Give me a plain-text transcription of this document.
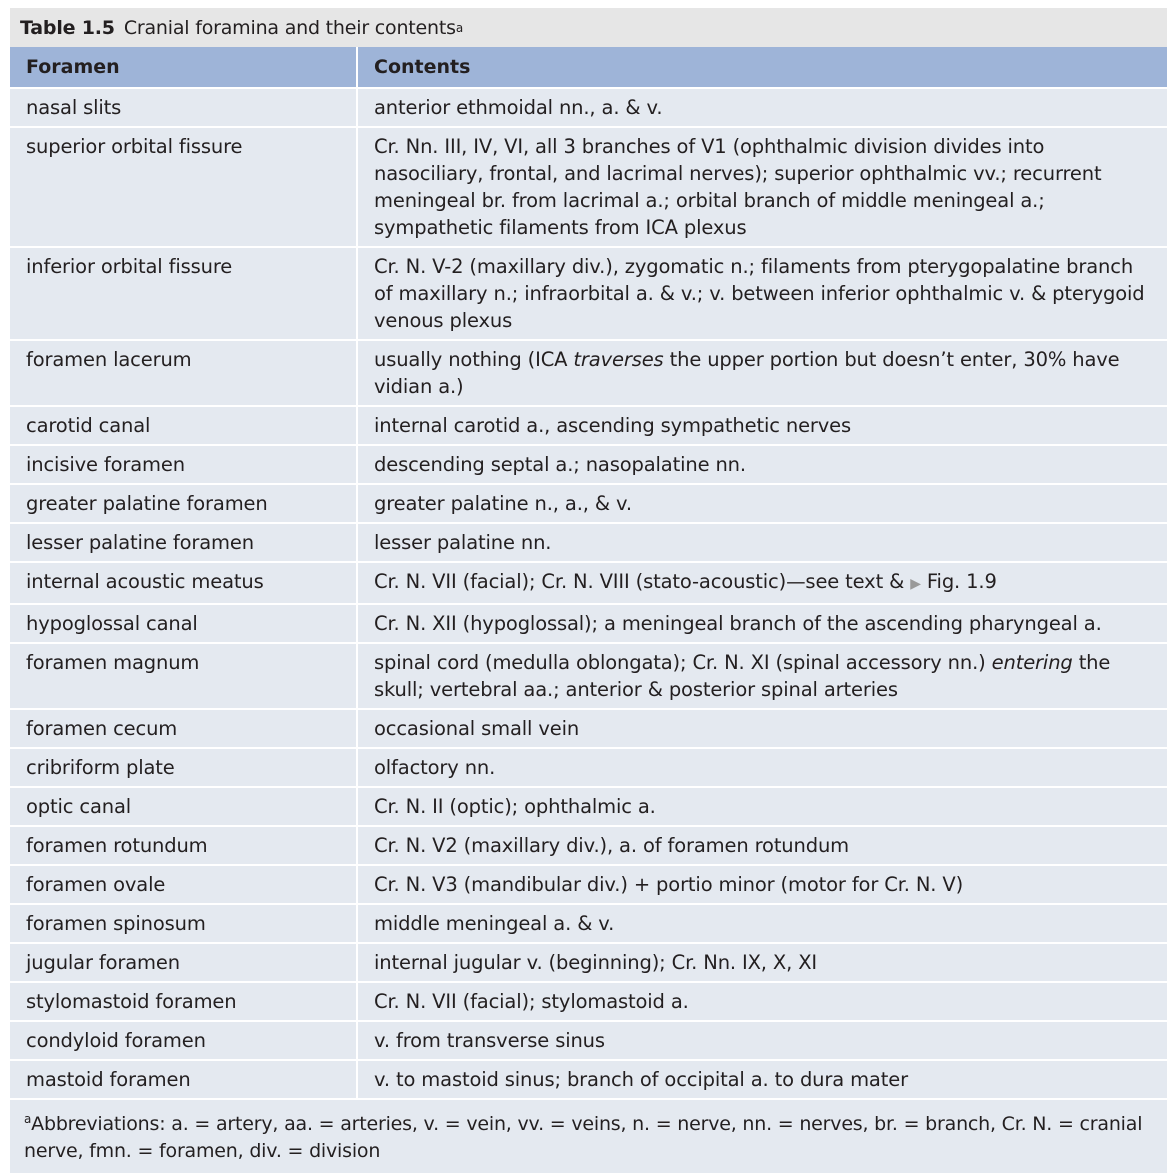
Table 1.5 Cranial foramina and their contents a
Foramen	Contents
nasal slits	anterior ethmoidal nn., a. & v.
superior orbital fissure	Cr. Nn. III, IV, VI, all 3 branches of V1 (ophthalmic division divides into nasociliary, frontal, and lacrimal nerves); superior ophthalmic vv.; recurrent meningeal br. from lacrimal a.; orbital branch of middle meningeal a.; sympathetic filaments from ICA plexus
inferior orbital fissure	Cr. N. V-2 (maxillary div.), zygomatic n.; filaments from pterygopalatine branch of maxillary n.; infraorbital a. & v.; v. between inferior ophthalmic v. & pterygoid venous plexus
foramen lacerum	usually nothing (ICA traverses the upper portion but doesn’t enter, 30% have vidian a.)
carotid canal	internal carotid a., ascending sympathetic nerves
incisive foramen	descending septal a.; nasopalatine nn.
greater palatine foramen	greater palatine n., a., & v.
lesser palatine foramen	lesser palatine nn.
internal acoustic meatus	Cr. N. VII (facial); Cr. N. VIII (stato-acoustic)—see text & ▶ Fig. 1.9
hypoglossal canal	Cr. N. XII (hypoglossal); a meningeal branch of the ascending pharyngeal a.
foramen magnum	spinal cord (medulla oblongata); Cr. N. XI (spinal accessory nn.) entering the skull; vertebral aa.; anterior & posterior spinal arteries
foramen cecum	occasional small vein
cribriform plate	olfactory nn.
optic canal	Cr. N. II (optic); ophthalmic a.
foramen rotundum	Cr. N. V2 (maxillary div.), a. of foramen rotundum
foramen ovale	Cr. N. V3 (mandibular div.) + portio minor (motor for Cr. N. V)
foramen spinosum	middle meningeal a. & v.
jugular foramen	internal jugular v. (beginning); Cr. Nn. IX, X, XI
stylomastoid foramen	Cr. N. VII (facial); stylomastoid a.
condyloid foramen	v. from transverse sinus
mastoid foramen	v. to mastoid sinus; branch of occipital a. to dura mater
$^a$Abbreviations: a. = artery, aa. = arteries, v. = vein, vv. = veins, n. = nerve, nn. = nerves, br. = branch, Cr. N. = cranial nerve, fmn. = foramen, div. = division
